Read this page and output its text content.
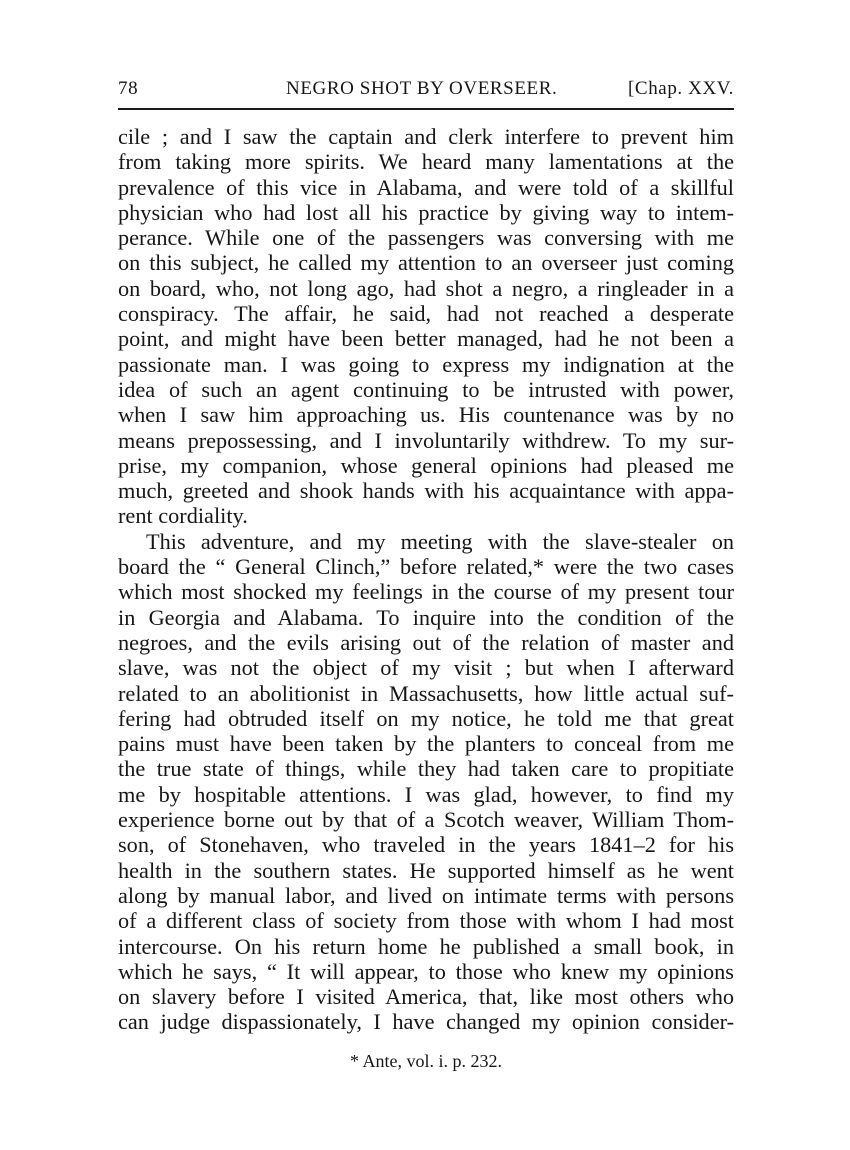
78	NEGRO SHOT BY OVERSEER.	[Chap. XXV.
cile ; and I saw the captain and clerk interfere to prevent him
from taking more spirits. We heard many lamentations at the
prevalence of this vice in Alabama, and were told of a skillful
physician who had lost all his practice by giving way to intem-
perance. While one of the passengers was conversing with me
on this subject, he called my attention to an overseer just coming
on board, who, not long ago, had shot a negro, a ringleader in a
conspiracy. The affair, he said, had not reached a desperate
point, and might have been better managed, had he not been a
passionate man. I was going to express my indignation at the
idea of such an agent continuing to be intrusted with power,
when I saw him approaching us. His countenance was by no
means prepossessing, and I involuntarily withdrew. To my sur-
prise, my companion, whose general opinions had pleased me
much, greeted and shook hands with his acquaintance with appa-
rent cordiality.
This adventure, and my meeting with the slave-stealer on
board the “ General Clinch,” before related,* were the two cases
which most shocked my feelings in the course of my present tour
in Georgia and Alabama. To inquire into the condition of the
negroes, and the evils arising out of the relation of master and
slave, was not the object of my visit ; but when I afterward
related to an abolitionist in Massachusetts, how little actual suf-
fering had obtruded itself on my notice, he told me that great
pains must have been taken by the planters to conceal from me
the true state of things, while they had taken care to propitiate
me by hospitable attentions. I was glad, however, to find my
experience borne out by that of a Scotch weaver, William Thom-
son, of Stonehaven, who traveled in the years 1841–2 for his
health in the southern states. He supported himself as he went
along by manual labor, and lived on intimate terms with persons
of a different class of society from those with whom I had most
intercourse. On his return home he published a small book, in
which he says, “ It will appear, to those who knew my opinions
on slavery before I visited America, that, like most others who
can judge dispassionately, I have changed my opinion consider-
* Ante, vol. i. p. 232.
